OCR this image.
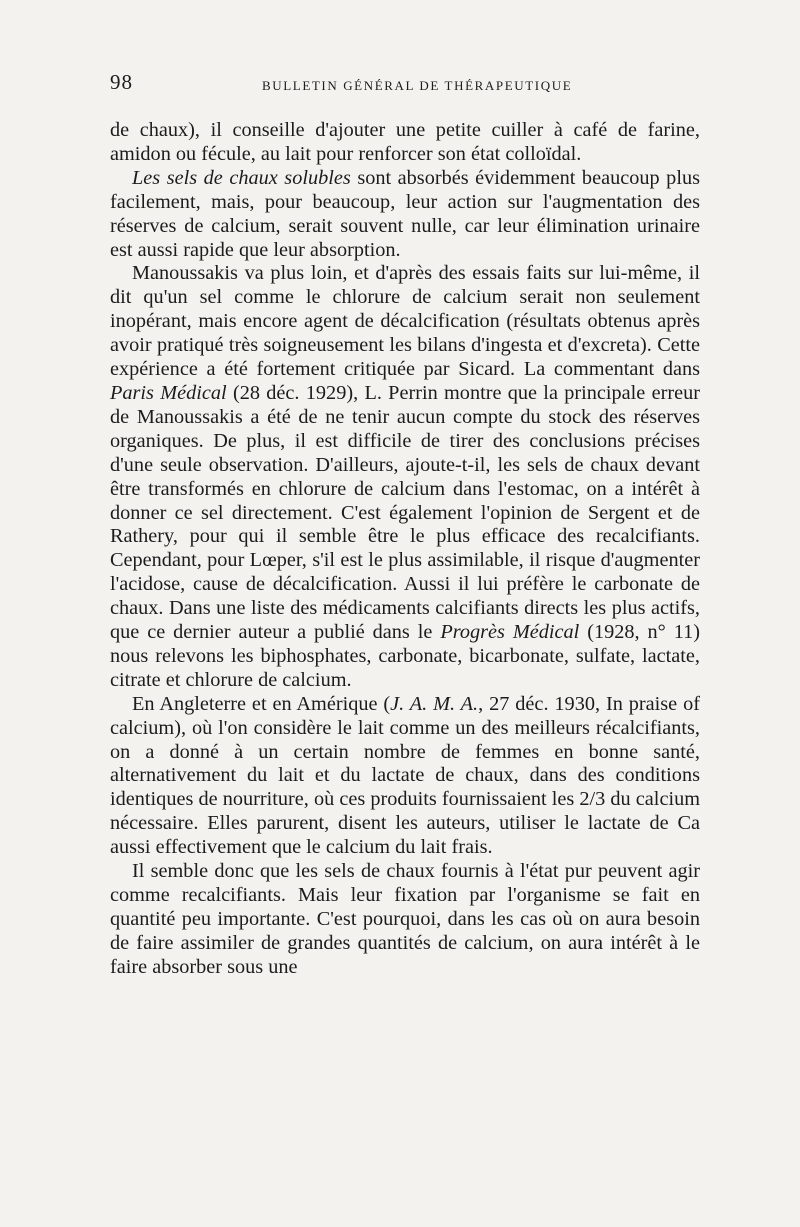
98	BULLETIN GÉNÉRAL DE THÉRAPEUTIQUE

de chaux), il conseille d'ajouter une petite cuiller à café de farine, amidon ou fécule, au lait pour renforcer son état colloïdal.

Les sels de chaux solubles sont absorbés évidemment beaucoup plus facilement, mais, pour beaucoup, leur action sur l'augmentation des réserves de calcium, serait souvent nulle, car leur élimination urinaire est aussi rapide que leur absorption.

Manoussakis va plus loin, et d'après des essais faits sur lui-même, il dit qu'un sel comme le chlorure de calcium serait non seulement inopérant, mais encore agent de décalcification (résultats obtenus après avoir pratiqué très soigneusement les bilans d'ingesta et d'excreta). Cette expérience a été fortement critiquée par Sicard. La commentant dans Paris Médical (28 déc. 1929), L. Perrin montre que la principale erreur de Manoussakis a été de ne tenir aucun compte du stock des réserves organiques. De plus, il est difficile de tirer des conclusions précises d'une seule observation. D'ailleurs, ajoute-t-il, les sels de chaux devant être transformés en chlorure de calcium dans l'estomac, on a intérêt à donner ce sel directement. C'est également l'opinion de Sergent et de Rathery, pour qui il semble être le plus efficace des recalcifiants. Cependant, pour Lœper, s'il est le plus assimilable, il risque d'augmenter l'acidose, cause de décalcification. Aussi il lui préfère le carbonate de chaux. Dans une liste des médicaments calcifiants directs les plus actifs, que ce dernier auteur a publié dans le Progrès Médical (1928, n° 11) nous relevons les biphosphates, carbonate, bicarbonate, sulfate, lactate, citrate et chlorure de calcium.

En Angleterre et en Amérique (J. A. M. A., 27 déc. 1930, In praise of calcium), où l'on considère le lait comme un des meilleurs récalcifiants, on a donné à un certain nombre de femmes en bonne santé, alternativement du lait et du lactate de chaux, dans des conditions identiques de nourriture, où ces produits fournissaient les 2/3 du calcium nécessaire. Elles parurent, disent les auteurs, utiliser le lactate de Ca aussi effectivement que le calcium du lait frais.

Il semble donc que les sels de chaux fournis à l'état pur peuvent agir comme recalcifiants. Mais leur fixation par l'organisme se fait en quantité peu importante. C'est pourquoi, dans les cas où on aura besoin de faire assimiler de grandes quantités de calcium, on aura intérêt à le faire absorber sous une
